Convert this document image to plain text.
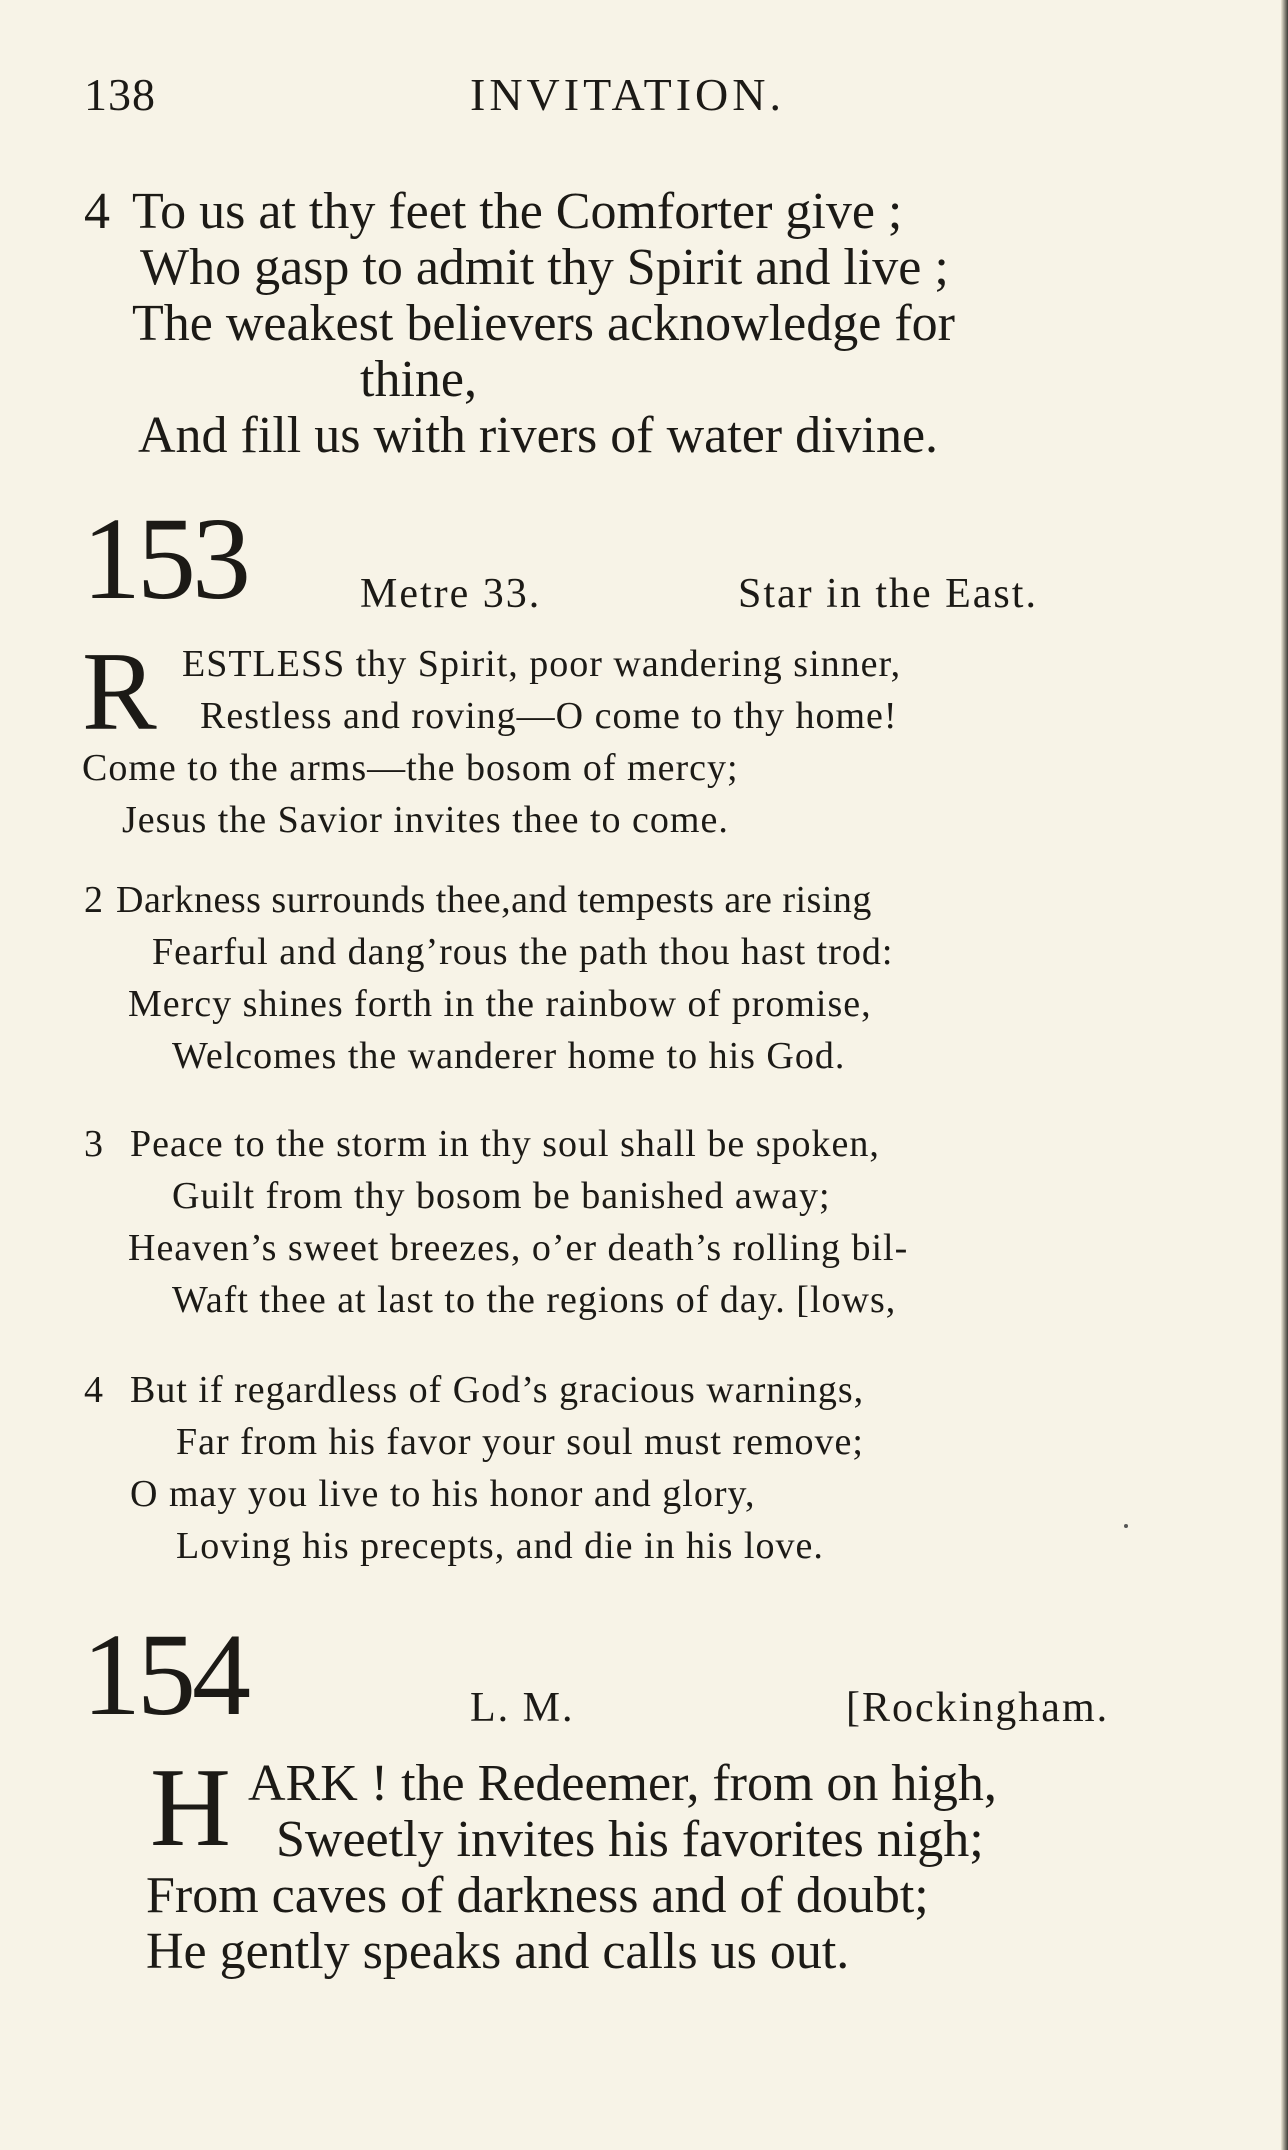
138	INVITATION.
4 To us at thy feet the Comforter give ;
Who gasp to admit thy Spirit and live ;
The weakest believers acknowledge for
thine,
And fill us with rivers of water divine.
153	Metre 33.	Star in the East.
R ESTLESS thy Spirit, poor wandering sinner,
Restless and roving—O come to thy home!
Come to the arms—the bosom of mercy;
Jesus the Savior invites thee to come.
2 Darkness surrounds thee,and tempests are rising
Fearful and dang’rous the path thou hast trod:
Mercy shines forth in the rainbow of promise,
Welcomes the wanderer home to his God.
3 Peace to the storm in thy soul shall be spoken,
Guilt from thy bosom be banished away;
Heaven’s sweet breezes, o’er death’s rolling bil-
Waft thee at last to the regions of day. [lows,
4 But if regardless of God’s gracious warnings,
Far from his favor your soul must remove;
O may you live to his honor and glory,
Loving his precepts, and die in his love.
154	L. M.	[Rockingham.
H ARK ! the Redeemer, from on high,
Sweetly invites his favorites nigh;
From caves of darkness and of doubt;
He gently speaks and calls us out.
